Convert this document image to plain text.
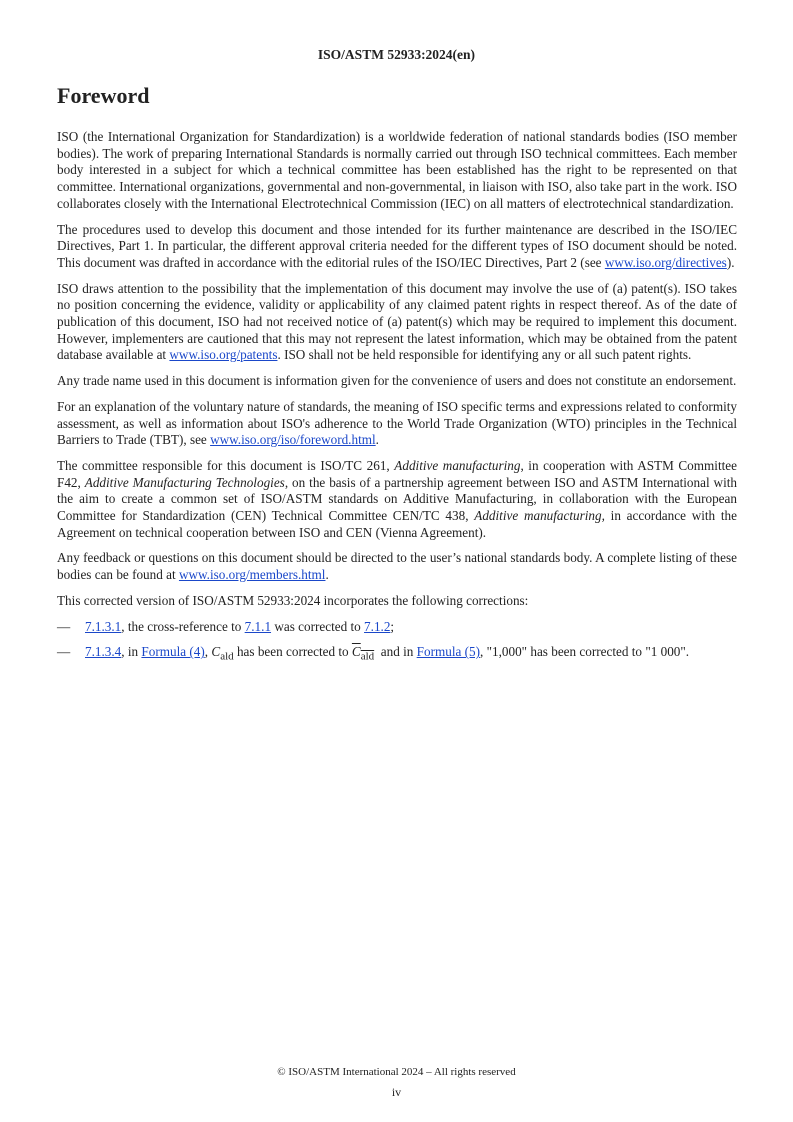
ISO/ASTM 52933:2024(en)
Foreword

ISO (the International Organization for Standardization) is a worldwide federation of national standards bodies (ISO member bodies). The work of preparing International Standards is normally carried out through ISO technical committees. Each member body interested in a subject for which a technical committee has been established has the right to be represented on that committee. International organizations, governmental and non-governmental, in liaison with ISO, also take part in the work. ISO collaborates closely with the International Electrotechnical Commission (IEC) on all matters of electrotechnical standardization.

The procedures used to develop this document and those intended for its further maintenance are described in the ISO/IEC Directives, Part 1. In particular, the different approval criteria needed for the different types of ISO document should be noted. This document was drafted in accordance with the editorial rules of the ISO/IEC Directives, Part 2 (see www.iso.org/directives).

ISO draws attention to the possibility that the implementation of this document may involve the use of (a) patent(s). ISO takes no position concerning the evidence, validity or applicability of any claimed patent rights in respect thereof. As of the date of publication of this document, ISO had not received notice of (a) patent(s) which may be required to implement this document. However, implementers are cautioned that this may not represent the latest information, which may be obtained from the patent database available at www.iso.org/patents. ISO shall not be held responsible for identifying any or all such patent rights.

Any trade name used in this document is information given for the convenience of users and does not constitute an endorsement.

For an explanation of the voluntary nature of standards, the meaning of ISO specific terms and expressions related to conformity assessment, as well as information about ISO's adherence to the World Trade Organization (WTO) principles in the Technical Barriers to Trade (TBT), see www.iso.org/iso/foreword.html.

The committee responsible for this document is ISO/TC 261, Additive manufacturing, in cooperation with ASTM Committee F42, Additive Manufacturing Technologies, on the basis of a partnership agreement between ISO and ASTM International with the aim to create a common set of ISO/ASTM standards on Additive Manufacturing, in collaboration with the European Committee for Standardization (CEN) Technical Committee CEN/TC 438, Additive manufacturing, in accordance with the Agreement on technical cooperation between ISO and CEN (Vienna Agreement).

Any feedback or questions on this document should be directed to the user’s national standards body. A complete listing of these bodies can be found at www.iso.org/members.html.

This corrected version of ISO/ASTM 52933:2024 incorporates the following corrections:

—	7.1.3.1, the cross-reference to 7.1.1 was corrected to 7.1.2;
—	7.1.3.4, in Formula (4), $C_{ald}$ has been corrected to $C_{ald}$  and in Formula (5), "1,000" has been corrected to "1 000".
© ISO/ASTM International 2024 – All rights reserved
iv
